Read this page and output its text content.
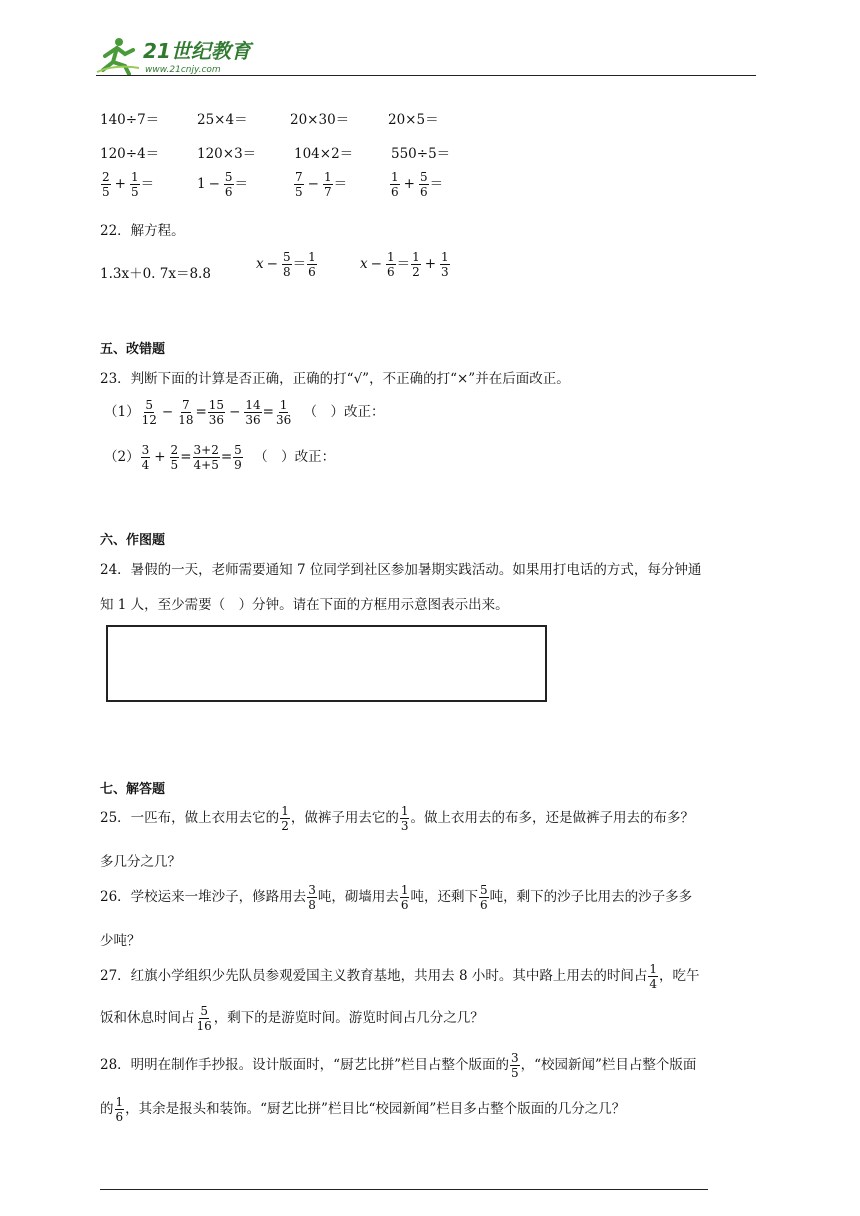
21世纪教育
www.21cnjy.com
140÷7＝	25×4＝	20×30＝	20×5＝
120÷4＝	120×3＝	104×2＝	550÷5＝
$\frac{2}{5} + \frac{1}{5}$ ＝	$1 - \frac{5}{6}$ ＝	$\frac{7}{5} - \frac{1}{7}$ ＝	$\frac{1}{6} + \frac{5}{6}$ ＝
22．解方程。
1.3x＋0. 7x＝8.8
$x - \frac{5}{8} = \frac{1}{6}$	$x - \frac{1}{6} = \frac{1}{2} + \frac{1}{3}$
五、改错题
23．判断下面的计算是否正确，正确的打“√”，不正确的打“×”并在后面改正。
$(1) \frac{5}{12} - \frac{7}{18} = \frac{15}{36} - \frac{14}{36} = \frac{1}{36}$ （　）改正：
$(2) \frac{3}{4} + \frac{2}{5} = \frac{3+2}{4+5} = \frac{5}{9}$ （　）改正：
六、作图题
24．暑假的一天，老师需要通知 7 位同学到社区参加暑期实践活动。如果用打电话的方式，每分钟通
知 1 人，至少需要（　）分钟。请在下面的方框用示意图表示出来。
七、解答题
25．一匹布，做上衣用去它的 $\frac{1}{2}$ ，做裤子用去它的 $\frac{1}{3}$ 。做上衣用去的布多，还是做裤子用去的布多？
多几分之几？
26．学校运来一堆沙子，修路用去 $\frac{3}{8}$ 吨，砌墙用去 $\frac{1}{6}$ 吨，还剩下 $\frac{5}{6}$ 吨，剩下的沙子比用去的沙子多多
少吨？
27．红旗小学组织少先队员参观爱国主义教育基地，共用去 8 小时。其中路上用去的时间占 $\frac{1}{4}$ ，吃午
饭和休息时间占 $\frac{5}{16}$ ，剩下的是游览时间。游览时间占几分之几？
28．明明在制作手抄报。设计版面时，“厨艺比拼”栏目占整个版面的 $\frac{3}{5}$ ，“校园新闻”栏目占整个版面
的 $\frac{1}{6}$ ，其余是报头和装饰。“厨艺比拼”栏目比“校园新闻”栏目多占整个版面的几分之几？
